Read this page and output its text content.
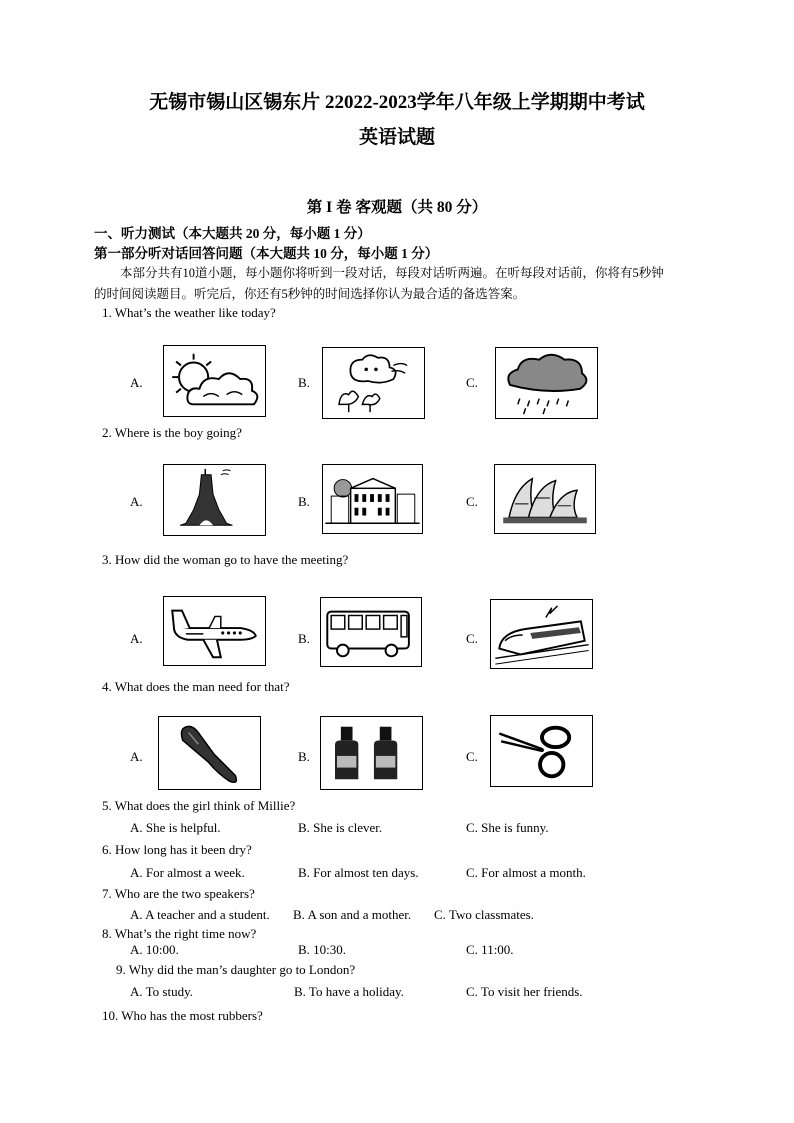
无锡市锡山区锡东片 22022-2023学年八年级上学期期中考试
英语试题
第 I 卷 客观题（共 80 分）
一、听力测试（本大题共 20 分，每小题 1 分）
第一部分听对话回答问题（本大题共 10 分，每小题 1 分）
本部分共有10道小题，每小题你将听到一段对话，每段对话听两遍。在听每段对话前，你将有5秒钟
的时间阅读题目。听完后，你还有5秒钟的时间选择你认为最合适的备选答案。
1. What’s the weather like today?
A.	B.	C.
2. Where is the boy going?
A.	B.	C.
3. How did the woman go to have the meeting?
A.	B.	C.
4. What does the man need for that?
A.	B.	C.
5. What does the girl think of Millie?
A. She is helpful.	B. She is clever.	C. She is funny.
6. How long has it been dry?
A. For almost a week.	B. For almost ten days.	C. For almost a month.
7. Who are the two speakers?
A. A teacher and a student. B. A son and a mother. C. Two classmates.
8. What’s the right time now?
A. 10:00.	B. 10:30.	C. 11:00.
9. Why did the man’s daughter go to London?
A. To study.	B. To have a holiday.	C. To visit her friends.
10. Who has the most rubbers?
